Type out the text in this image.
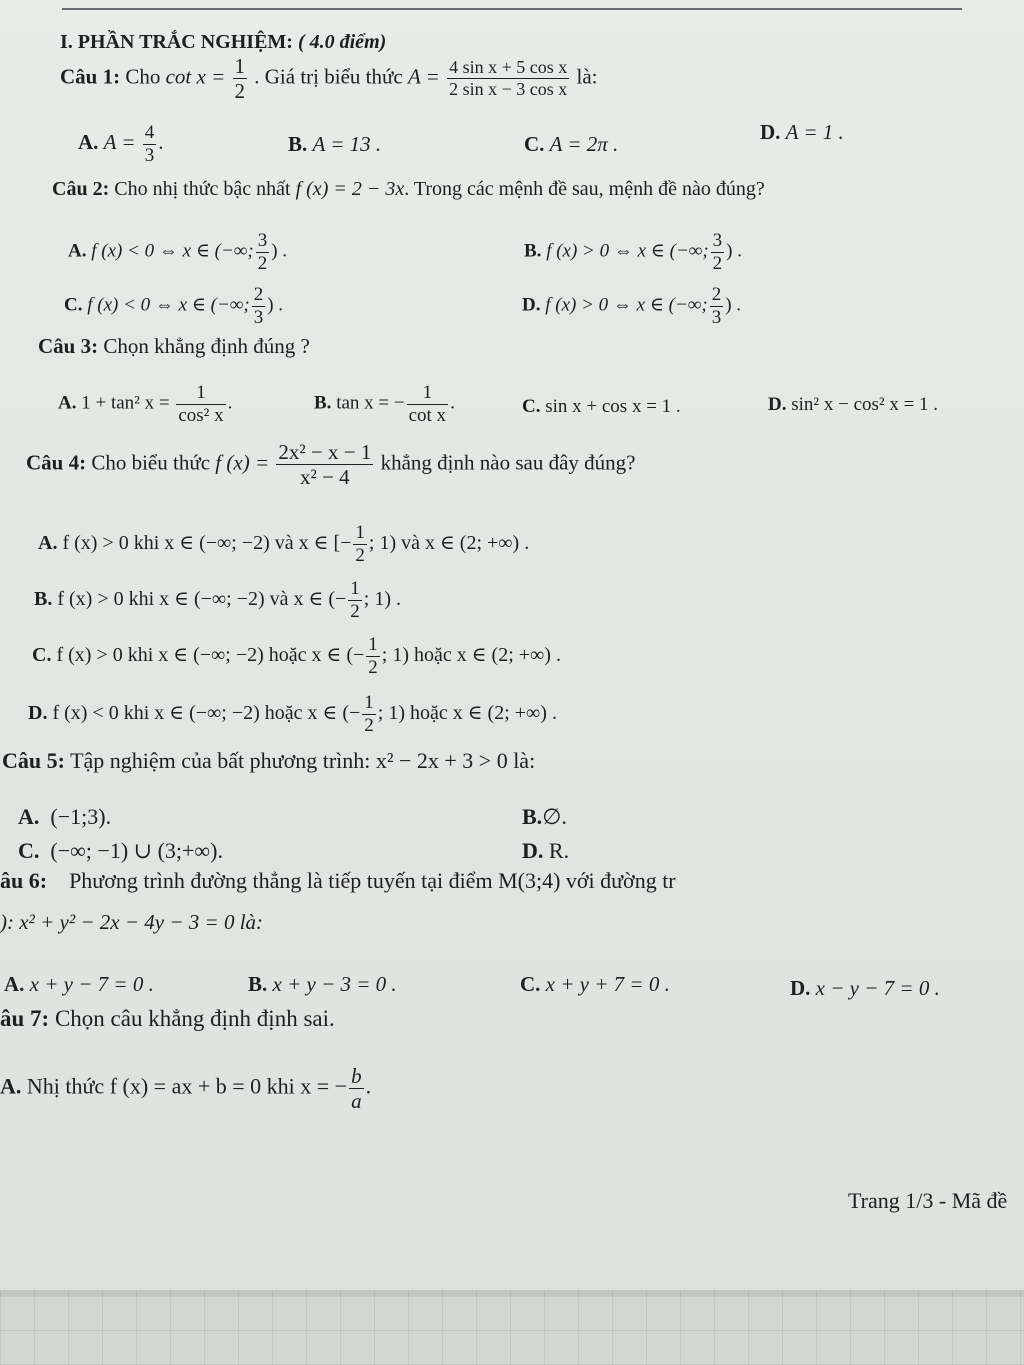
I. PHẦN TRẮC NGHIỆM: ( 4.0 điểm)
Câu 1: Cho $\cot x = \frac{1}{2}$ . Giá trị biểu thức $A = \frac{\text{4 sin x + 5 cos x}}{\text{2 sin x − 3 cos x}}$ là:
A. $A = \frac{4}{3}$ .	B. A = 13 .	C. A = 2π .	D. A = 1 .
Câu 2: Cho nhị thức bậc nhất f (x) = 2 − 3x. Trong các mệnh đề sau, mệnh đề nào đúng?
A. f (x) < 0 ⇔ x ∈ (−∞; $\frac{3}{2}$ ) .	B. f (x) > 0 ⇔ x ∈ (−∞; $\frac{3}{2}$ ) .
C. f (x) < 0 ⇔ x ∈ (−∞; $\frac{2}{3}$ ) .	D. f (x) > 0 ⇔ x ∈ (−∞; $\frac{2}{3}$ ) .
Câu 3: Chọn khẳng định đúng ?
A. 1 + tan² $x = \frac{1}{\text{cos² x}}$ .	B. tan x = − $\frac{1}{\text{cot x}}$ .	C. sin x + cos x = 1 .	D. sin² x − cos² x = 1 .
Câu 4: Cho biểu thức f $(x) = \frac{\text{2x² − x − 1}}{\text{x² − 4}}$ khẳng định nào sau đây đúng?
A. f (x) > 0 khi x ∈ (−∞; −2) và x ∈ [− $\frac{1}{2}$ ; 1) và x ∈ (2; +∞) .
B. f (x) > 0 khi x ∈ (−∞; −2) và x ∈ (− $\frac{1}{2}$ ; 1) .
C. f (x) > 0 khi x ∈ (−∞; −2) hoặc x ∈ (− $\frac{1}{2}$ ; 1) hoặc x ∈ (2; +∞) .
D. f (x) < 0 khi x ∈ (−∞; −2) hoặc x ∈ (− $\frac{1}{2}$ ; 1) hoặc x ∈ (2; +∞) .
Câu 5: Tập nghiệm của bất phương trình: x² − 2x + 3 > 0 là:
A. (−1;3).	B.∅.
C. (−∞; −1) ∪ (3;+∞).	D. R.
âu 6: Phương trình đường thẳng là tiếp tuyến tại điểm M(3;4) với đường tr
): x² + y² − 2x − 4y − 3 = 0 là:
A. x + y − 7 = 0 .	B. x + y − 3 = 0 .	C. x + y + 7 = 0 .	D. x − y − 7 = 0 .
âu 7: Chọn câu khẳng định định sai.
A. Nhị thức f (x) = ax + b = 0 khi x = − $\frac{b}{a}$ .
Trang 1/3 - Mã đề
